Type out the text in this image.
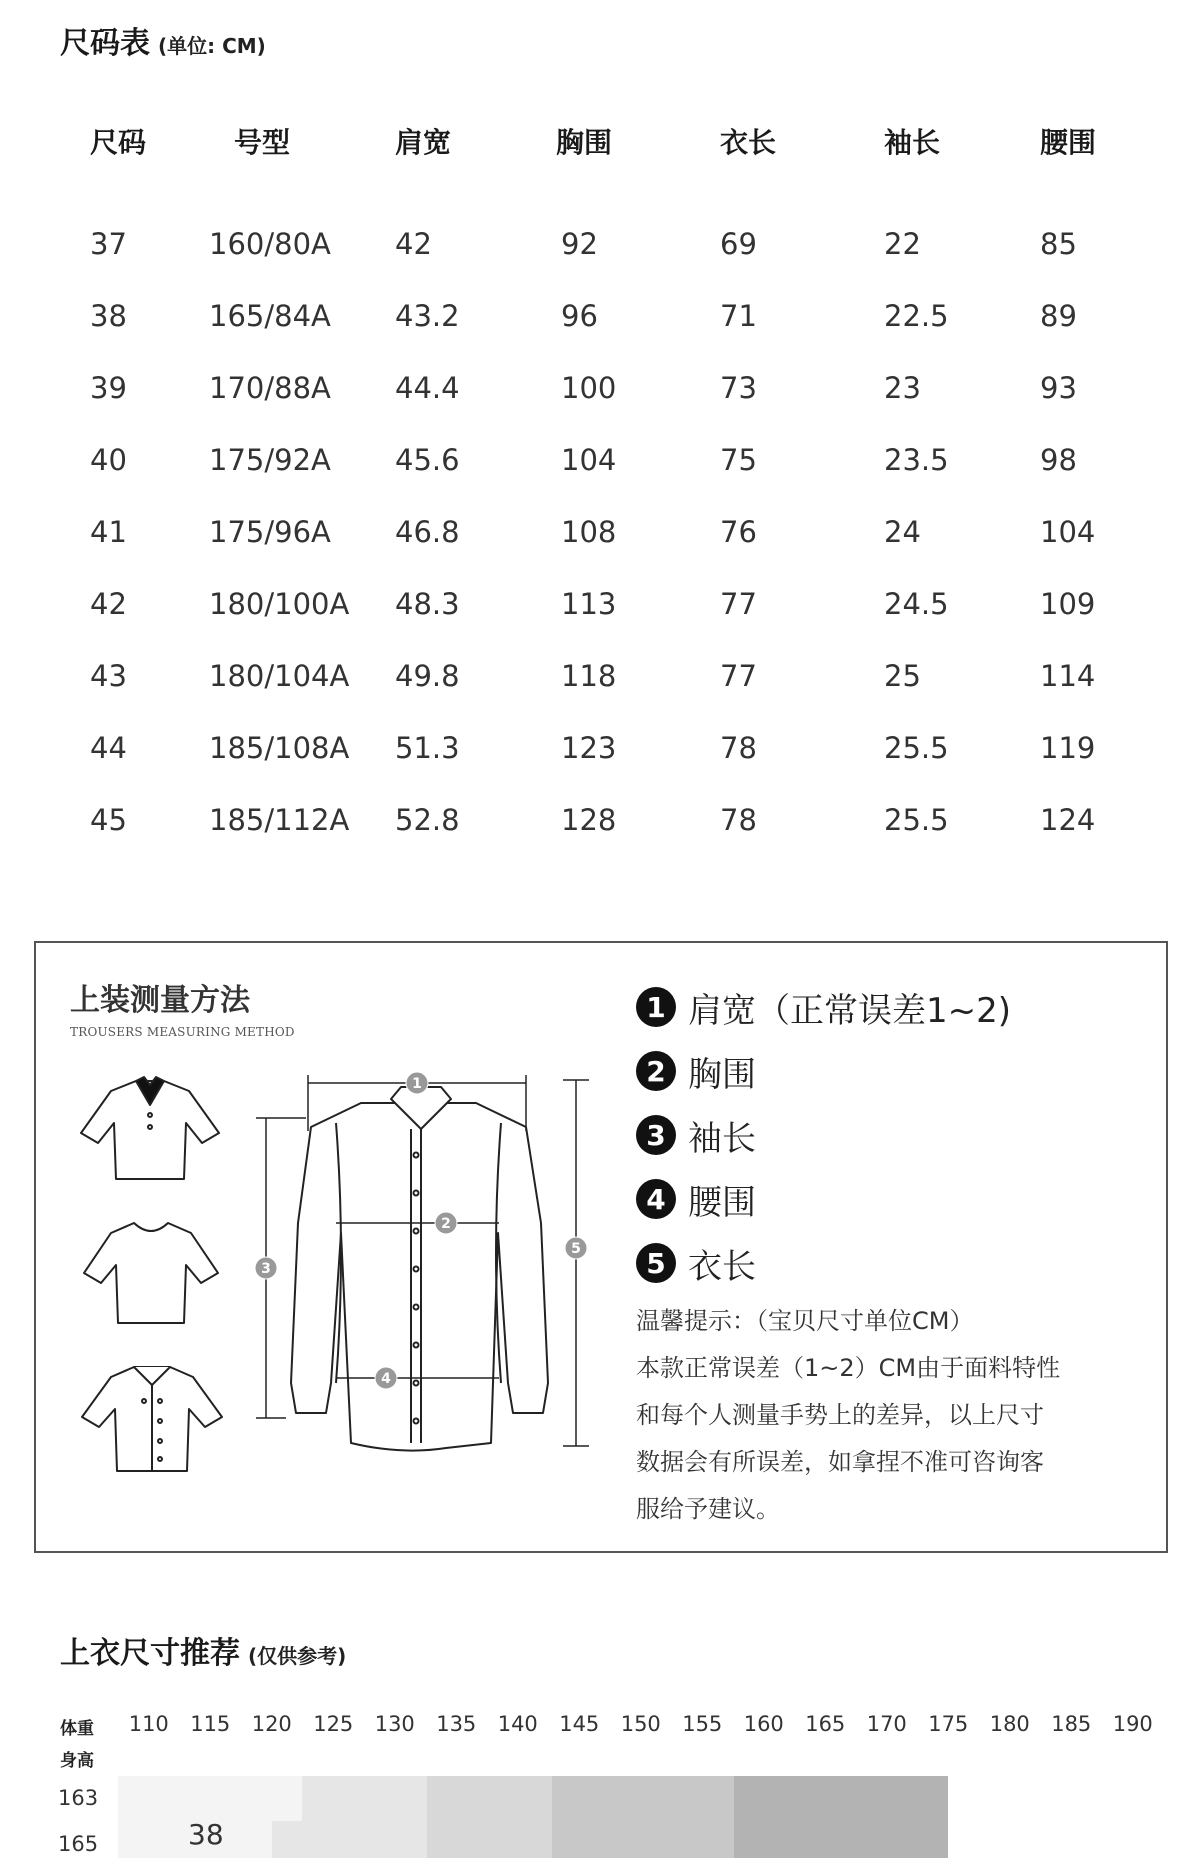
尺码表 (单位: CM)
尺码	号型	肩宽	胸围	衣长	袖长	腰围

37	160/80A	42	92	69	22	85
38	165/84A	43.2	96	71	22.5	89
39	170/88A	44.4	100	73	23	93
40	175/92A	45.6	104	75	23.5	98
41	175/96A	46.8	108	76	24	104
42	180/100A	48.3	113	77	24.5	109
43	180/104A	49.8	118	77	25	114
44	185/108A	51.3	123	78	25.5	119
45	185/112A	52.8	128	78	25.5	124
上装测量方法
TROUSERS MEASURING METHOD
1
2
3
4
5
1 肩宽（正常误差1~2)
2 胸围
3 袖长
4 腰围
5 衣长

温馨提示：（宝贝尺寸单位CM）

本款正常误差（1~2）CM由于面料特性

和每个人测量手势上的差异，以上尺寸

数据会有所误差，如拿捏不准可咨询客

服给予建议。

上衣尺寸推荐 (仅供参考)
体重
身高
110	115	120	125	130	135	140	145	150	155	160	165	170	175	180	185	190
163
165	38
